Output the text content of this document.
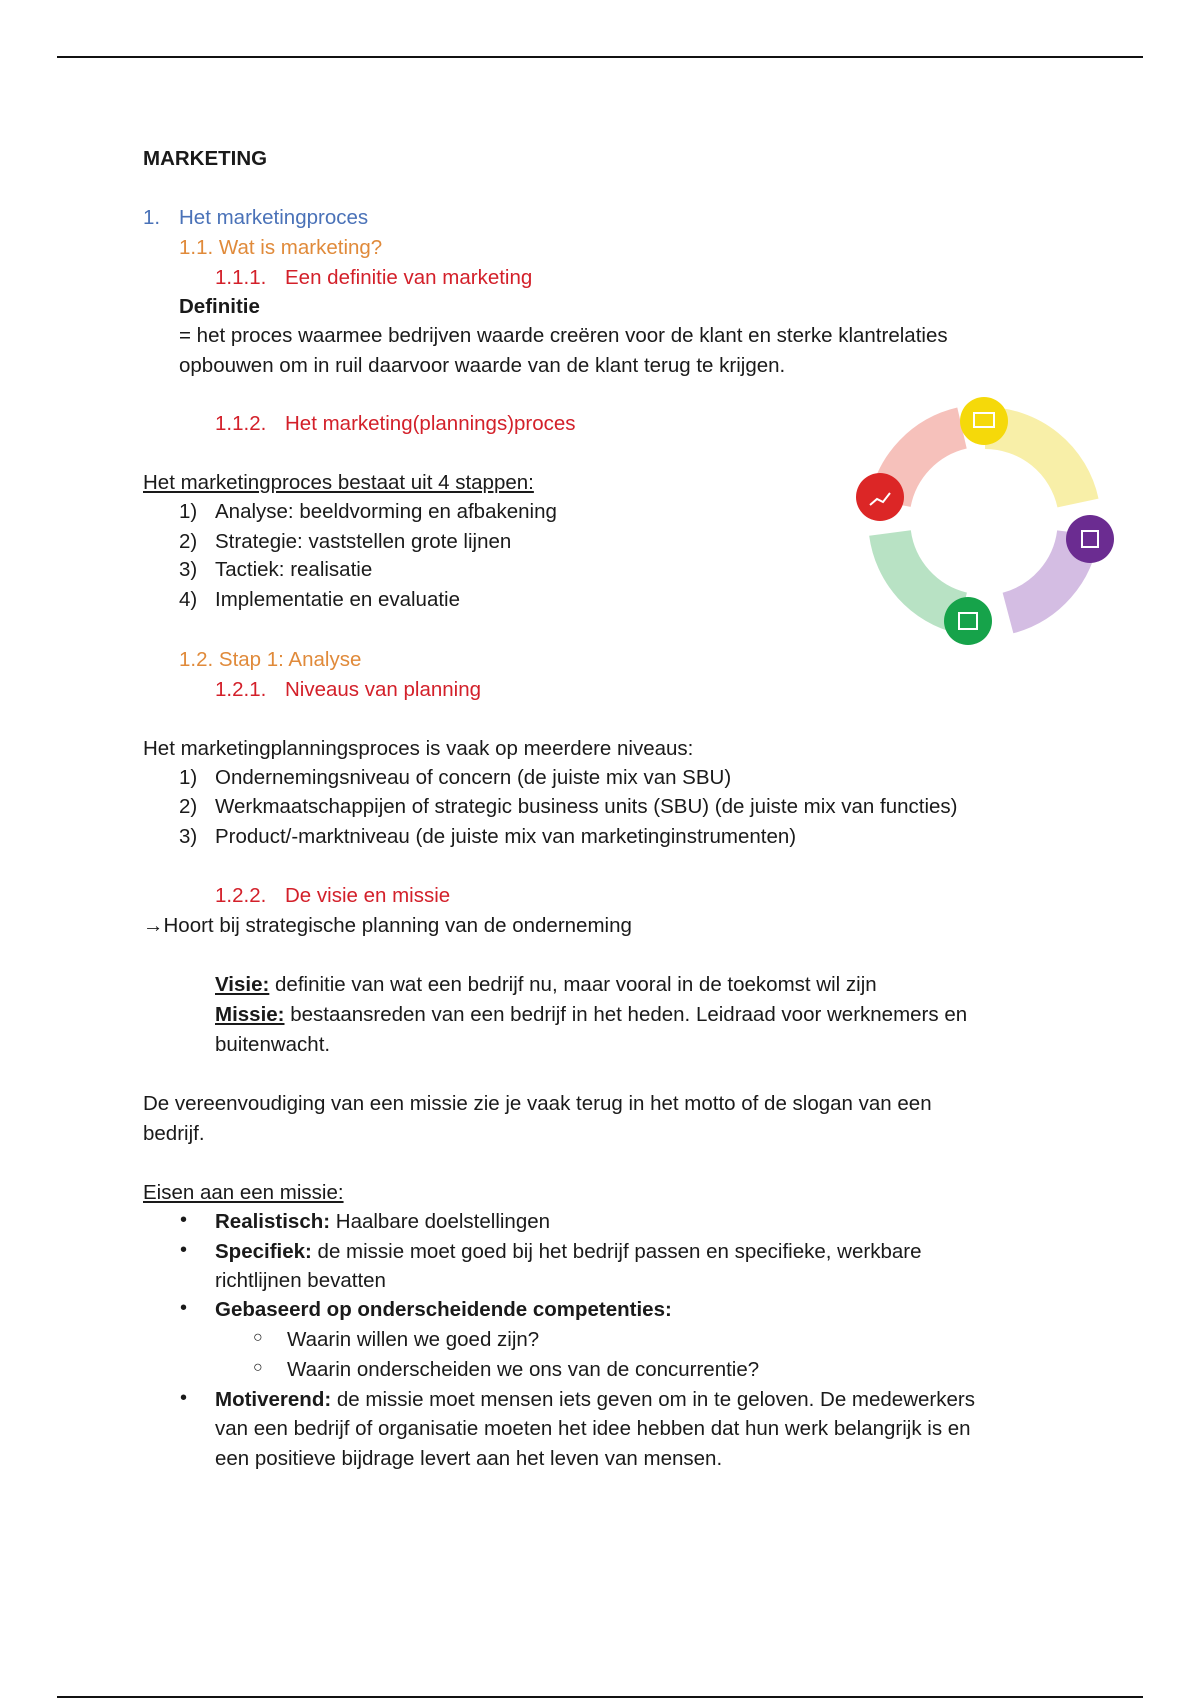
MARKETING
1. Het marketingproces
1.1. Wat is marketing?
1.1.1. Een definitie van marketing
Definitie
= het proces waarmee bedrijven waarde creëren voor de klant en sterke klantrelaties
opbouwen om in ruil daarvoor waarde van de klant terug te krijgen.
1.1.2. Het marketing(plannings)proces
Het marketingproces bestaat uit 4 stappen:
1) Analyse: beeldvorming en afbakening
2) Strategie: vaststellen grote lijnen
3) Tactiek: realisatie
4) Implementatie en evaluatie
1.2. Stap 1: Analyse
1.2.1. Niveaus van planning
Het marketingplanningsproces is vaak op meerdere niveaus:
1) Ondernemingsniveau of concern (de juiste mix van SBU)
2) Werkmaatschappijen of strategic business units (SBU) (de juiste mix van functies)
3) Product/-marktniveau (de juiste mix van marketinginstrumenten)
1.2.2. De visie en missie
→Hoort bij strategische planning van de onderneming
Visie: definitie van wat een bedrijf nu, maar vooral in de toekomst wil zijn
Missie: bestaansreden van een bedrijf in het heden. Leidraad voor werknemers en
buitenwacht.
De vereenvoudiging van een missie zie je vaak terug in het motto of de slogan van een
bedrijf.
Eisen aan een missie:
• Realistisch: Haalbare doelstellingen
• Specifiek: de missie moet goed bij het bedrijf passen en specifieke, werkbare
richtlijnen bevatten
• Gebaseerd op onderscheidende competenties:
○ Waarin willen we goed zijn?
○ Waarin onderscheiden we ons van de concurrentie?
• Motiverend: de missie moet mensen iets geven om in te geloven. De medewerkers
van een bedrijf of organisatie moeten het idee hebben dat hun werk belangrijk is en
een positieve bijdrage levert aan het leven van mensen.
